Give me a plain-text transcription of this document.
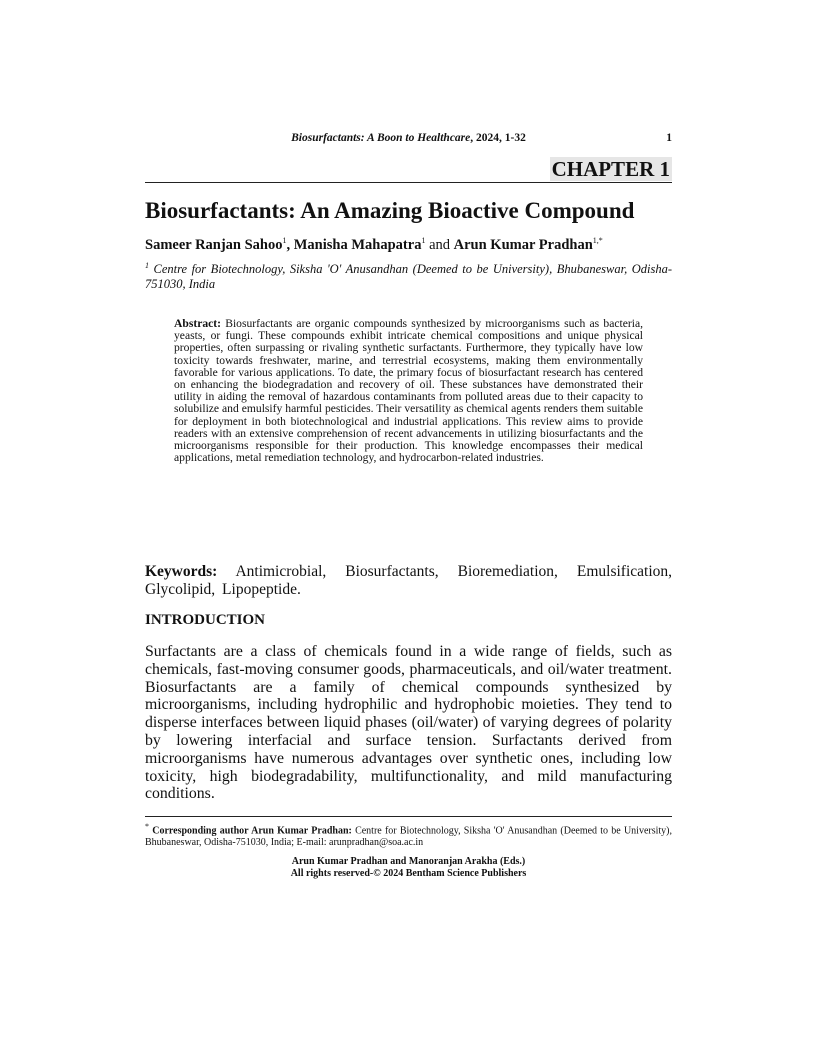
Biosurfactants: A Boon to Healthcare, 2024, 1-32	1
CHAPTER 1
Biosurfactants: An Amazing Bioactive Compound
Sameer Ranjan Sahoo$^1$, Manisha Mahapatra$^1$ and Arun Kumar Pradhan$^{1,*}$
$^1$ Centre for Biotechnology, Siksha 'O' Anusandhan (Deemed to be University), Bhubaneswar, Odisha-751030, India
Abstract: Biosurfactants are organic compounds synthesized by microorganisms such as bacteria, yeasts, or fungi. These compounds exhibit intricate chemical compositions and unique physical properties, often surpassing or rivaling synthetic surfactants. Furthermore, they typically have low toxicity towards freshwater, marine, and terrestrial ecosystems, making them environmentally favorable for various applications. To date, the primary focus of biosurfactant research has centered on enhancing the biodegradation and recovery of oil. These substances have demonstrated their utility in aiding the removal of hazardous contaminants from polluted areas due to their capacity to solubilize and emulsify harmful pesticides. Their versatility as chemical agents renders them suitable for deployment in both biotechnological and industrial applications. This review aims to provide readers with an extensive comprehension of recent advancements in utilizing biosurfactants and the microorganisms responsible for their production. This knowledge encompasses their medical applications, metal remediation technology, and hydrocarbon-related industries.
Keywords: Antimicrobial, Biosurfactants, Bioremediation, Emulsification, Glycolipid, Lipopeptide.
INTRODUCTION
Surfactants are a class of chemicals found in a wide range of fields, such as chemicals, fast-moving consumer goods, pharmaceuticals, and oil/water treatment. Biosurfactants are a family of chemical compounds synthesized by microorganisms, including hydrophilic and hydrophobic moieties. They tend to disperse interfaces between liquid phases (oil/water) of varying degrees of polarity by lowering interfacial and surface tension. Surfactants derived from microorganisms have numerous advantages over synthetic ones, including low toxicity, high biodegradability, multifunctionality, and mild manufacturing conditions.
* Corresponding author Arun Kumar Pradhan: Centre for Biotechnology, Siksha 'O' Anusandhan (Deemed to be University), Bhubaneswar, Odisha-751030, India; E-mail: arunpradhan@soa.ac.in
Arun Kumar Pradhan and Manoranjan Arakha (Eds.)
All rights reserved-© 2024 Bentham Science Publishers
